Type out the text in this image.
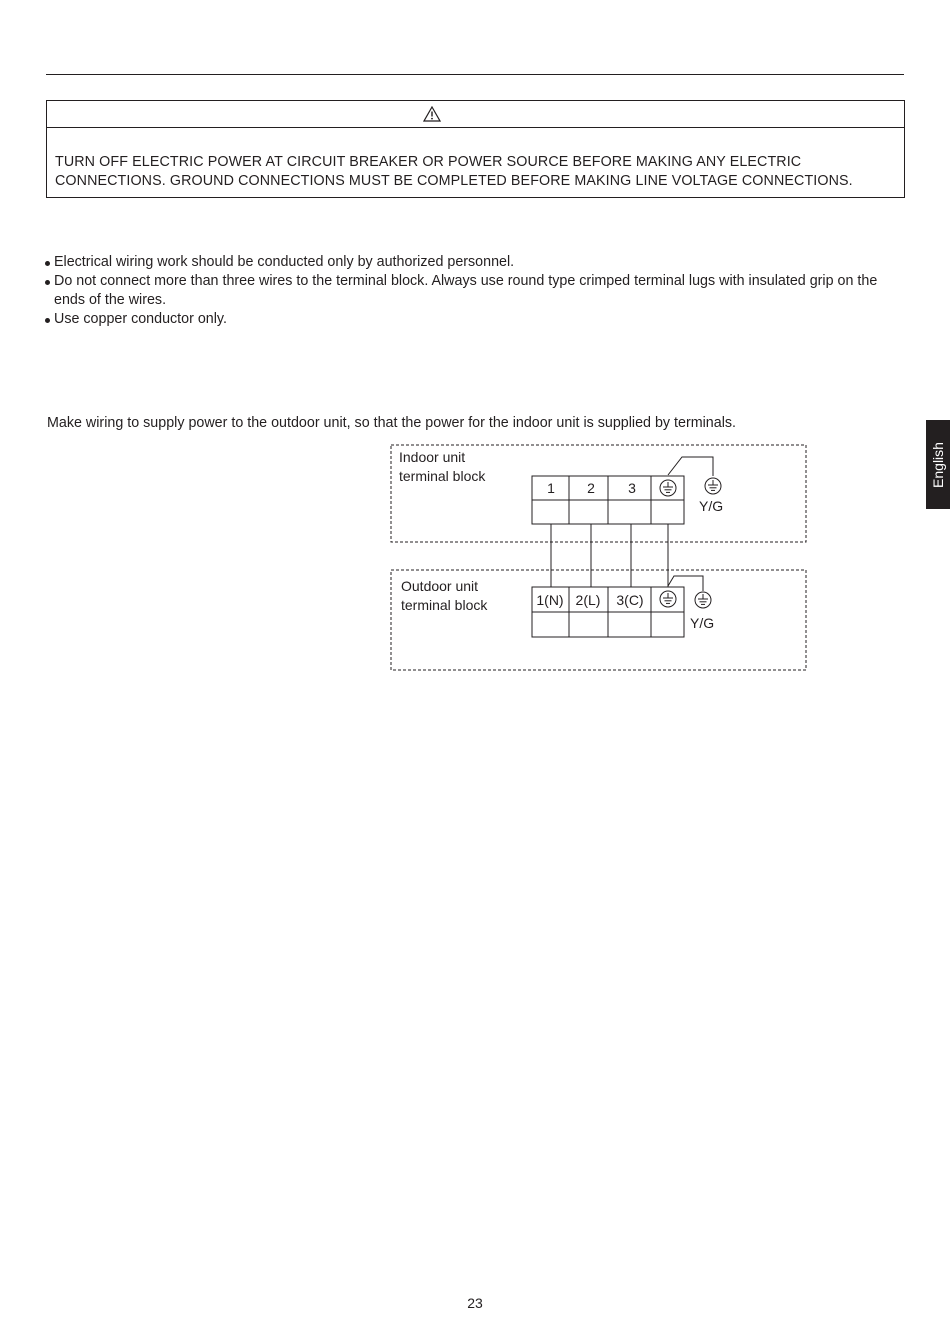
TURN OFF ELECTRIC POWER AT CIRCUIT BREAKER OR POWER SOURCE BEFORE MAKING ANY ELECTRIC CONNECTIONS. GROUND CONNECTIONS MUST BE COMPLETED BEFORE MAKING LINE VOLTAGE CONNECTIONS.
Electrical wiring work should be conducted only by authorized personnel.
Do not connect more than three wires to the terminal block. Always use round type crimped terminal lugs with insulated grip on the ends of the wires.
Use copper conductor only.
Make wiring to supply power to the outdoor unit, so that the power for the indoor unit is supplied by terminals.
Indoor unit
terminal block
1 2 3
Y/G
Outdoor unit
terminal block	1(N) 2(L) 3(C)
Y/G
English
23
